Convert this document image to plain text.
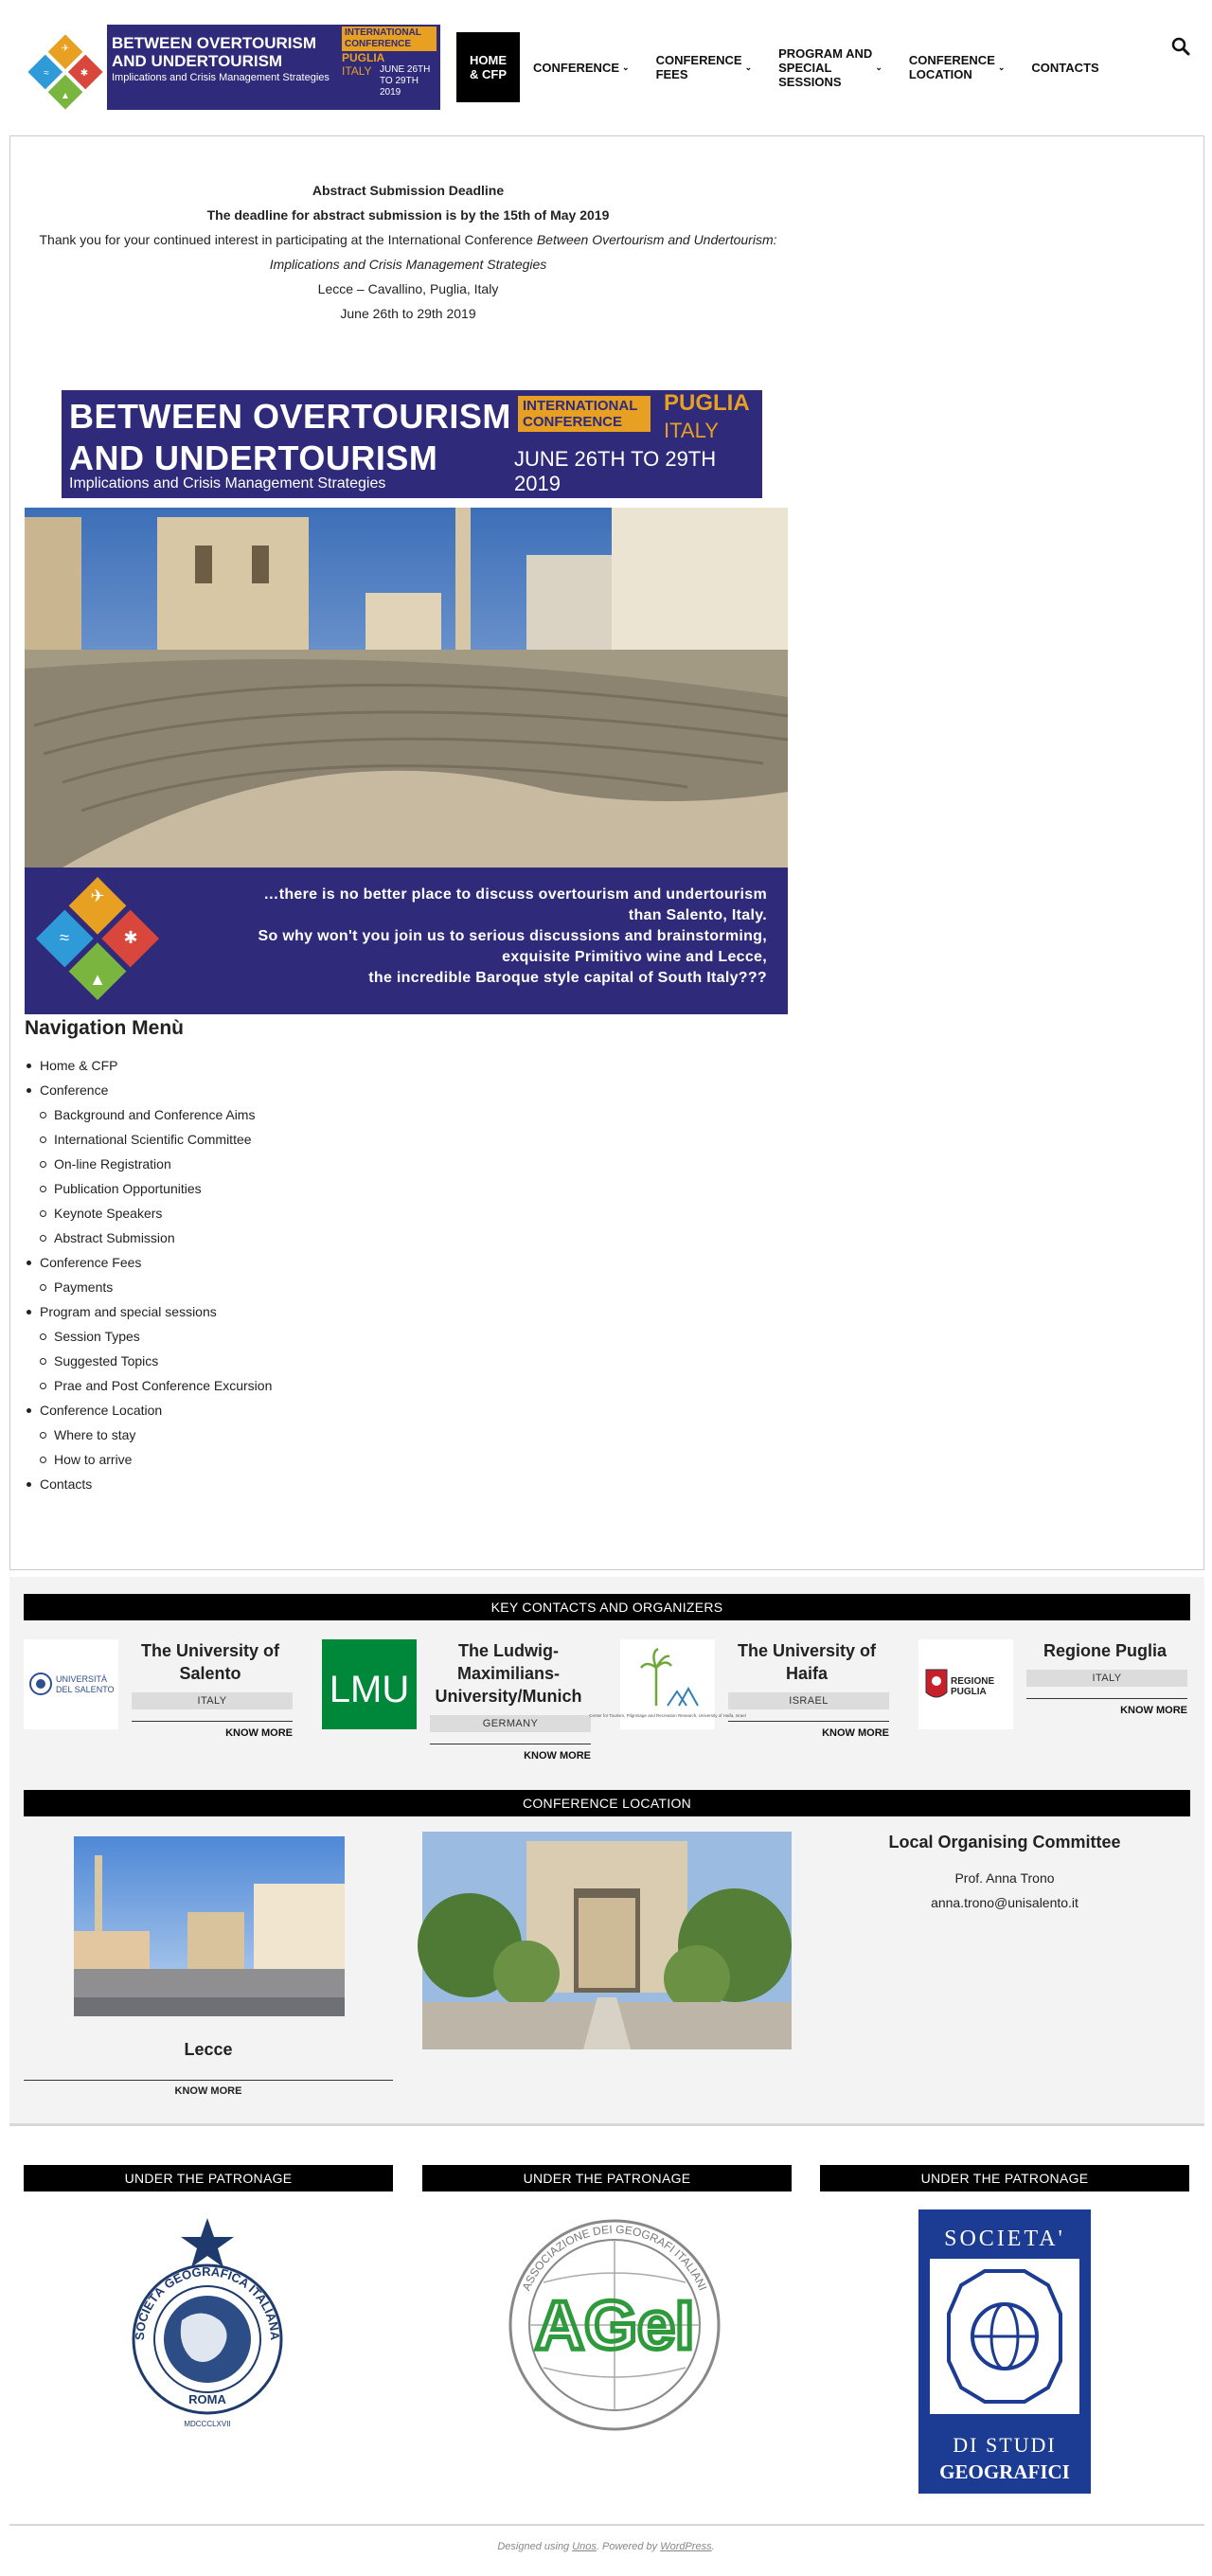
✈
✱
≈
▲
BETWEEN OVERTOURISM
AND UNDERTOURISM
Implications and Crisis Management Strategies
INTERNATIONAL CONFERENCE
PUGLIA
ITALY JUNE 26TH TO 29TH 2019
HOME
& CFP CONFERENCE ⌄ CONFERENCE
FEES
⌄
PROGRAM AND
SPECIAL
SESSIONS
⌄ CONFERENCE
LOCATION
⌄ CONTACTS
Abstract Submission Deadline
The deadline for abstract submission is by the 15th of May 2019
Thank you for your continued interest in participating at the International Conference Between Overtourism and Undertourism:
Implications and Crisis Management Strategies
Lecce – Cavallino, Puglia, Italy
June 26th to 29th 2019
BETWEEN OVERTOURISM
AND UNDERTOURISM
Implications and Crisis Management Strategies
INTERNATIONAL
CONFERENCE
PUGLIA
ITALY
JUNE 26TH TO 29TH 2019
✈
✱
≈
▲
…there is no better place to discuss overtourism and undertourism
than Salento, Italy.
So why won't you join us to serious discussions and brainstorming,
exquisite Primitivo wine and Lecce,
the incredible Baroque style capital of South Italy???
Navigation Menù
Home & CFP
Conference
Background and Conference Aims
International Scientific Committee
On-line Registration
Publication Opportunities
Keynote Speakers
Abstract Submission
Conference Fees
Payments
Program and special sessions
Session Types
Suggested Topics
Prae and Post Conference Excursion
Conference Location
Where to stay
How to arrive
Contacts
KEY CONTACTS AND ORGANIZERS
UNIVERSITÀ
DEL SALENTO
The University of
Salento
ITALY
KNOW MORE
LMU
The Ludwig-
Maximilians-
University/Munich
GERMANY
KNOW MORE
Center for Tourism, Pilgrimage and Recreation Research, University of Haifa, Israel
The University of
Haifa
ISRAEL
KNOW MORE
REGIONE
PUGLIA
Regione Puglia
ITALY
KNOW MORE
CONFERENCE LOCATION
Lecce
KNOW MORE
Local Organising Committee
Prof. Anna Trono
anna.trono@unisalento.it
UNDER THE PATRONAGE	UNDER THE PATRONAGE	UNDER THE PATRONAGE
SOCIETÀ GEOGRAFICA ITALIANA
ROMA
MDCCCLXVII
AGeI
ASSOCIAZIONE DEI GEOGRAFI ITALIANI
SOCIETA'
DI STUDI
GEOGRAFICI
Designed using Unos. Powered by WordPress.
